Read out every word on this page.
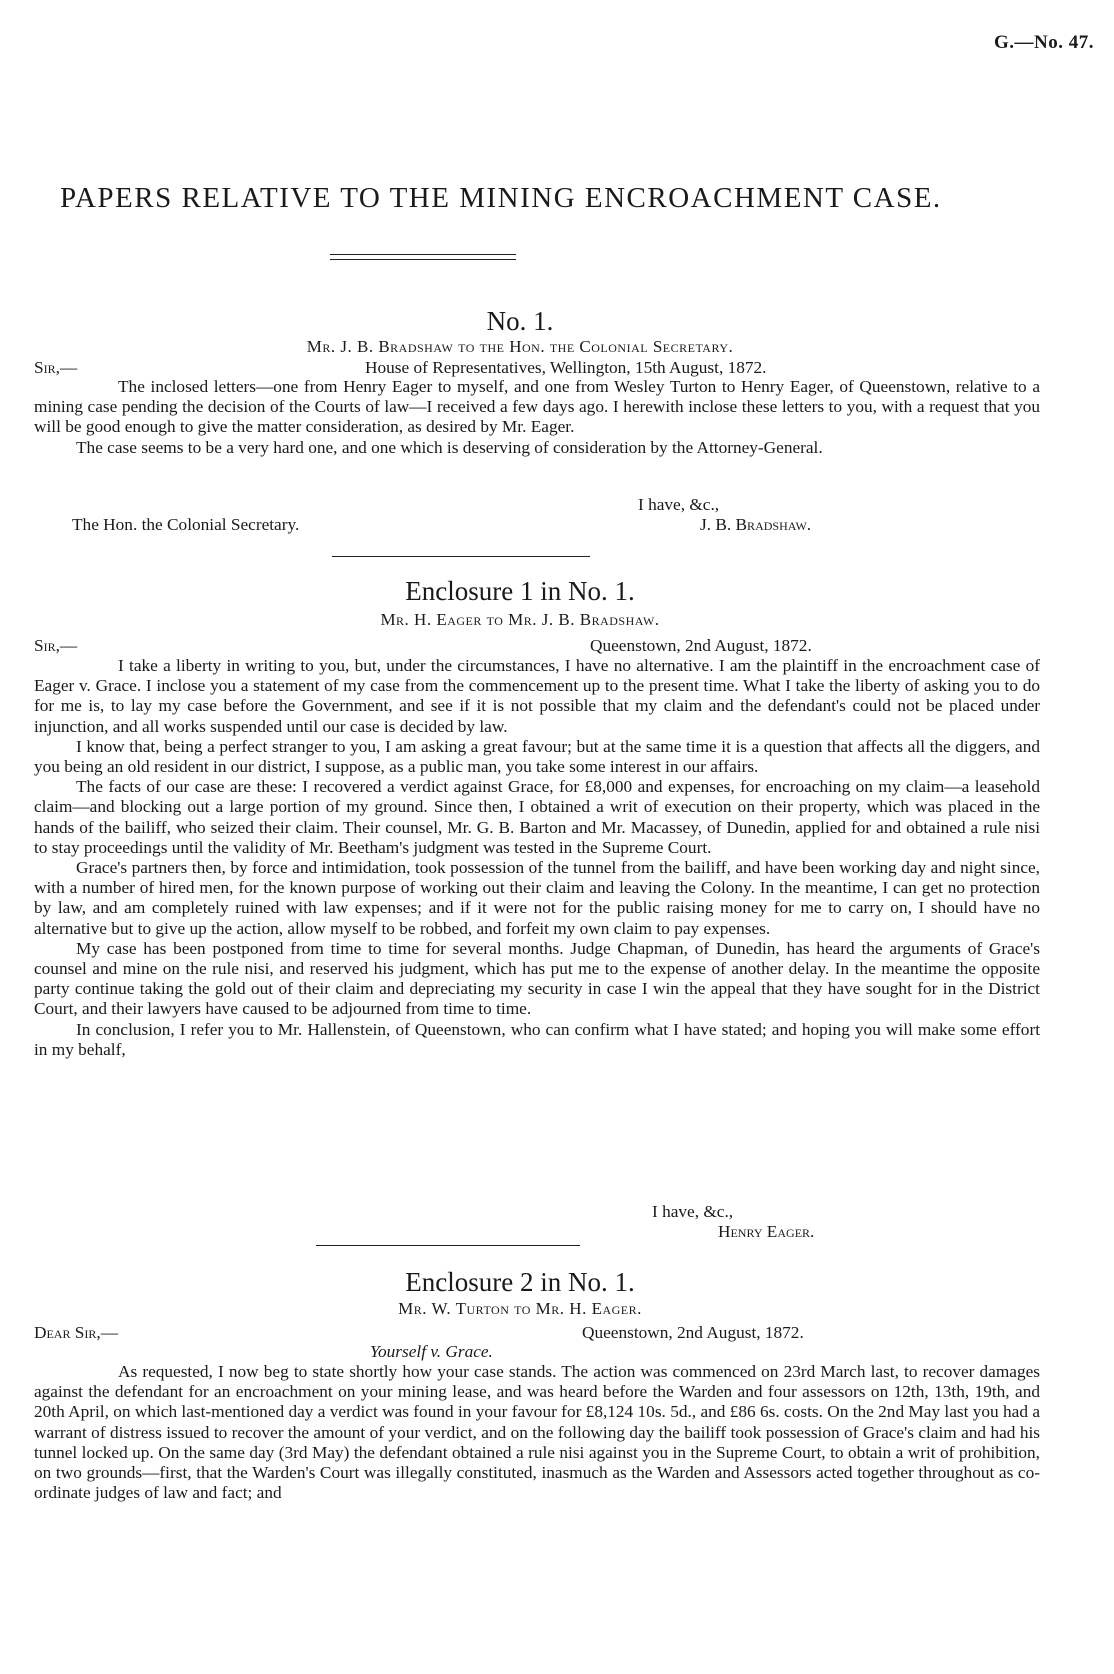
G.—No. 47.
PAPERS RELATIVE TO THE MINING ENCROACHMENT CASE.
No. 1.
Mr. J. B. Bradshaw to the Hon. the Colonial Secretary.
Sir,—	House of Representatives, Wellington, 15th August, 1872.

The inclosed letters—one from Henry Eager to myself, and one from Wesley Turton to Henry Eager, of Queenstown, relative to a mining case pending the decision of the Courts of law—I received a few days ago. I herewith inclose these letters to you, with a request that you will be good enough to give the matter consideration, as desired by Mr. Eager.

The case seems to be a very hard one, and one which is deserving of consideration by the Attorney-General.

I have, &c.,
The Hon. the Colonial Secretary.	J. B. Bradshaw.
Enclosure 1 in No. 1.
Mr. H. Eager to Mr. J. B. Bradshaw.
Sir,—	Queenstown, 2nd August, 1872.

I take a liberty in writing to you, but, under the circumstances, I have no alternative. I am the plaintiff in the encroachment case of Eager v. Grace. I inclose you a statement of my case from the commencement up to the present time. What I take the liberty of asking you to do for me is, to lay my case before the Government, and see if it is not possible that my claim and the defendant's could not be placed under injunction, and all works suspended until our case is decided by law.

I know that, being a perfect stranger to you, I am asking a great favour; but at the same time it is a question that affects all the diggers, and you being an old resident in our district, I suppose, as a public man, you take some interest in our affairs.

The facts of our case are these: I recovered a verdict against Grace, for £8,000 and expenses, for encroaching on my claim—a leasehold claim—and blocking out a large portion of my ground. Since then, I obtained a writ of execution on their property, which was placed in the hands of the bailiff, who seized their claim. Their counsel, Mr. G. B. Barton and Mr. Macassey, of Dunedin, applied for and obtained a rule nisi to stay proceedings until the validity of Mr. Beetham's judgment was tested in the Supreme Court.

Grace's partners then, by force and intimidation, took possession of the tunnel from the bailiff, and have been working day and night since, with a number of hired men, for the known purpose of working out their claim and leaving the Colony. In the meantime, I can get no protection by law, and am completely ruined with law expenses; and if it were not for the public raising money for me to carry on, I should have no alternative but to give up the action, allow myself to be robbed, and forfeit my own claim to pay expenses.

My case has been postponed from time to time for several months. Judge Chapman, of Dunedin, has heard the arguments of Grace's counsel and mine on the rule nisi, and reserved his judgment, which has put me to the expense of another delay. In the meantime the opposite party continue taking the gold out of their claim and depreciating my security in case I win the appeal that they have sought for in the District Court, and their lawyers have caused to be adjourned from time to time.

In conclusion, I refer you to Mr. Hallenstein, of Queenstown, who can confirm what I have stated; and hoping you will make some effort in my behalf,

I have, &c.,
Henry Eager.
Enclosure 2 in No. 1.
Mr. W. Turton to Mr. H. Eager.
Dear Sir,—	Queenstown, 2nd August, 1872.
Yourself v. Grace.

As requested, I now beg to state shortly how your case stands. The action was commenced on 23rd March last, to recover damages against the defendant for an encroachment on your mining lease, and was heard before the Warden and four assessors on 12th, 13th, 19th, and 20th April, on which last-mentioned day a verdict was found in your favour for £8,124 10s. 5d., and £86 6s. costs. On the 2nd May last you had a warrant of distress issued to recover the amount of your verdict, and on the following day the bailiff took possession of Grace's claim and had his tunnel locked up. On the same day (3rd May) the defendant obtained a rule nisi against you in the Supreme Court, to obtain a writ of prohibition, on two grounds—first, that the Warden's Court was illegally constituted, inasmuch as the Warden and Assessors acted together throughout as co-ordinate judges of law and fact; and
